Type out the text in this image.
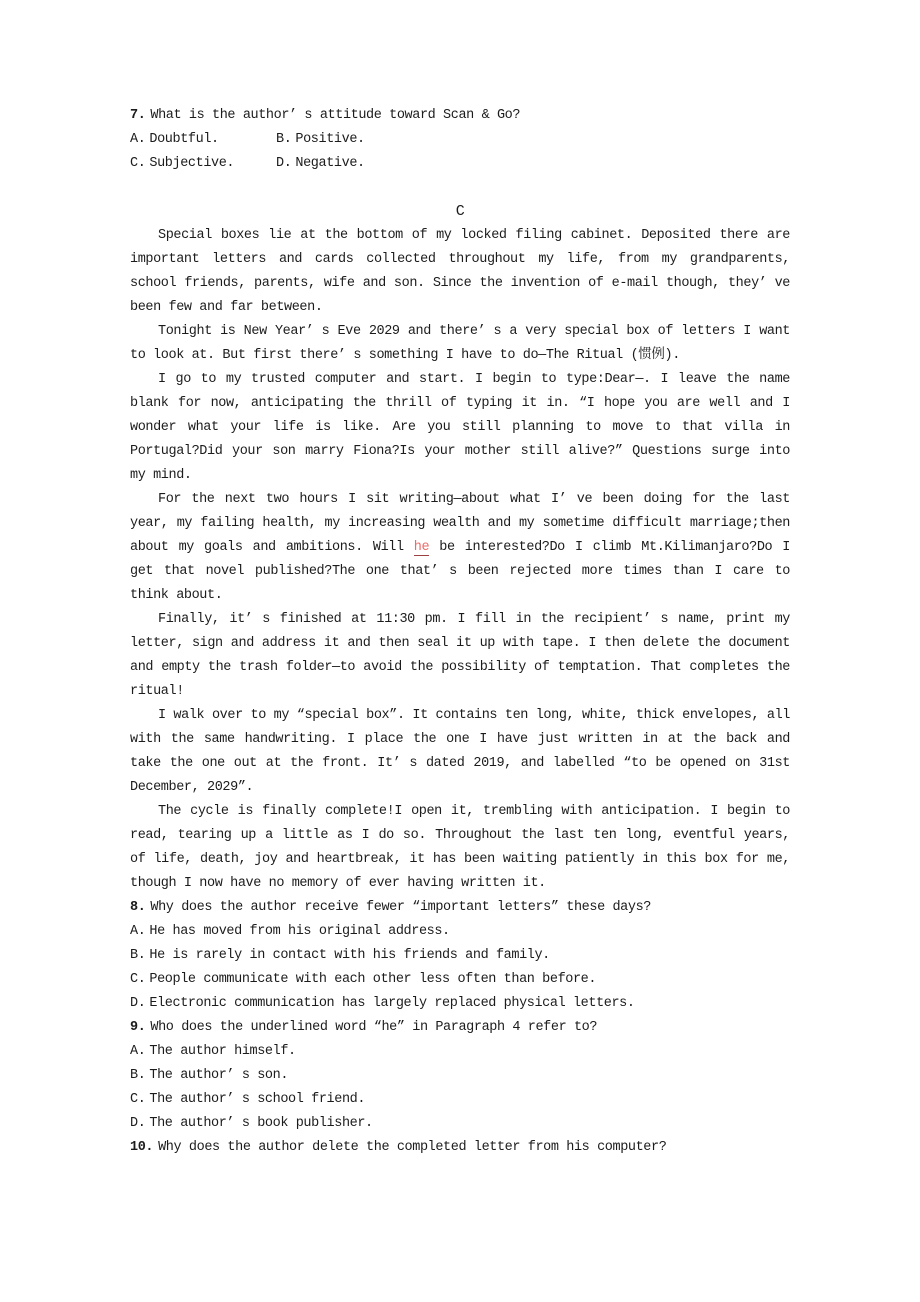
7. What is the author’ s attitude toward Scan & Go?
A. Doubtful.	B. Positive.
C. Subjective.	D. Negative.
C

Special boxes lie at the bottom of my locked filing cabinet. Deposited there are important letters and cards collected throughout my life, from my grandparents, school friends, parents, wife and son. Since the invention of e-mail though, they’ ve been few and far between.

Tonight is New Year’ s Eve 2029 and there’ s a very special box of letters I want to look at. But first there’ s something I have to do—The Ritual (惯例).

I go to my trusted computer and start. I begin to type:Dear—. I leave the name blank for now, anticipating the thrill of typing it in. “I hope you are well and I wonder what your life is like. Are you still planning to move to that villa in Portugal?Did your son marry Fiona?Is your mother still alive?” Questions surge into my mind.

For the next two hours I sit writing—about what I’ ve been doing for the last year, my failing health, my increasing wealth and my sometime difficult marriage;then about my goals and ambitions. Will he be interested?Do I climb Mt.Kilimanjaro?Do I get that novel published?The one that’ s been rejected more times than I care to think about.

Finally, it’ s finished at 11:30 pm. I fill in the recipient’ s name, print my letter, sign and address it and then seal it up with tape. I then delete the document and empty the trash folder—to avoid the possibility of temptation. That completes the ritual!

I walk over to my “special box”. It contains ten long, white, thick envelopes, all with the same handwriting. I place the one I have just written in at the back and take the one out at the front. It’ s dated 2019, and labelled “to be opened on 31st December, 2029”.

The cycle is finally complete!I open it, trembling with anticipation. I begin to read, tearing up a little as I do so. Throughout the last ten long, eventful years, of life, death, joy and heartbreak, it has been waiting patiently in this box for me, though I now have no memory of ever having written it.

8. Why does the author receive fewer “important letters” these days?
A. He has moved from his original address.
B. He is rarely in contact with his friends and family.
C. People communicate with each other less often than before.
D. Electronic communication has largely replaced physical letters.
9. Who does the underlined word “he” in Paragraph 4 refer to?
A. The author himself.
B. The author’ s son.
C. The author’ s school friend.
D. The author’ s book publisher.
10. Why does the author delete the completed letter from his computer?
